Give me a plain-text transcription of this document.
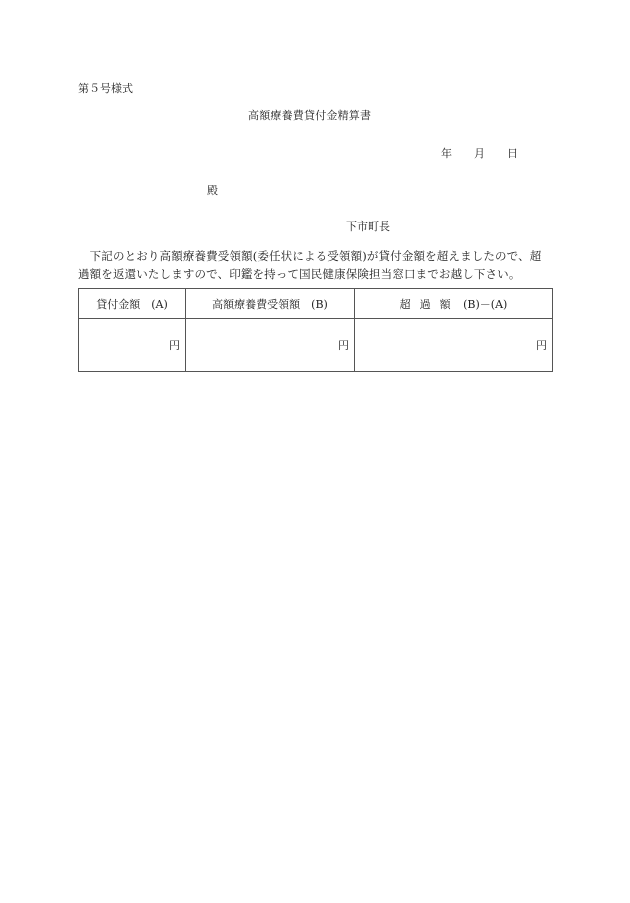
第５号様式
高額療養費貸付金精算書
年 月 日
殿
下市町長
　下記のとおり高額療養費受領額(委任状による受領額)が貸付金額を超えましたので、超過額を返還いたしますので、印鑑を持って国民健康保険担当窓口までお越し下さい。
貸付金額　(A)	高額療養費受領額　(B)	超過額 (B)－(A)
円	円	円
